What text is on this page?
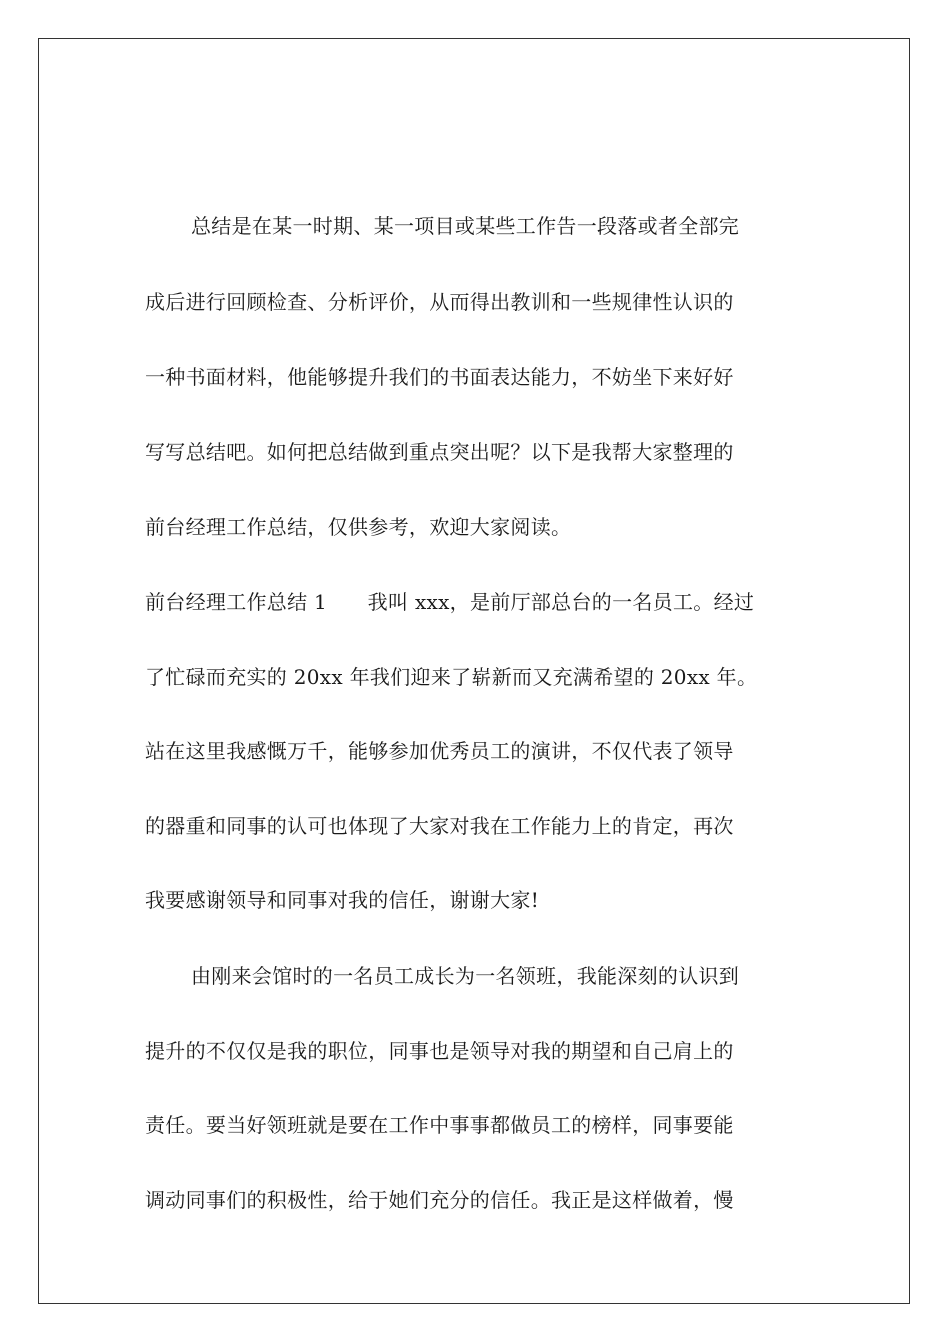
总结是在某一时期、某一项目或某些工作告一段落或者全部完
成后进行回顾检查、分析评价，从而得出教训和一些规律性认识的
一种书面材料，他能够提升我们的书面表达能力，不妨坐下来好好
写写总结吧。如何把总结做到重点突出呢？以下是我帮大家整理的
前台经理工作总结，仅供参考，欢迎大家阅读。
前台经理工作总结 1　　我叫 xxx，是前厅部总台的一名员工。经过
了忙碌而充实的 20xx 年我们迎来了崭新而又充满希望的 20xx 年。
站在这里我感慨万千，能够参加优秀员工的演讲，不仅代表了领导
的器重和同事的认可也体现了大家对我在工作能力上的肯定，再次
我要感谢领导和同事对我的信任，谢谢大家!
由刚来会馆时的一名员工成长为一名领班，我能深刻的认识到
提升的不仅仅是我的职位，同事也是领导对我的期望和自己肩上的
责任。要当好领班就是要在工作中事事都做员工的榜样，同事要能
调动同事们的积极性，给于她们充分的信任。我正是这样做着，慢
